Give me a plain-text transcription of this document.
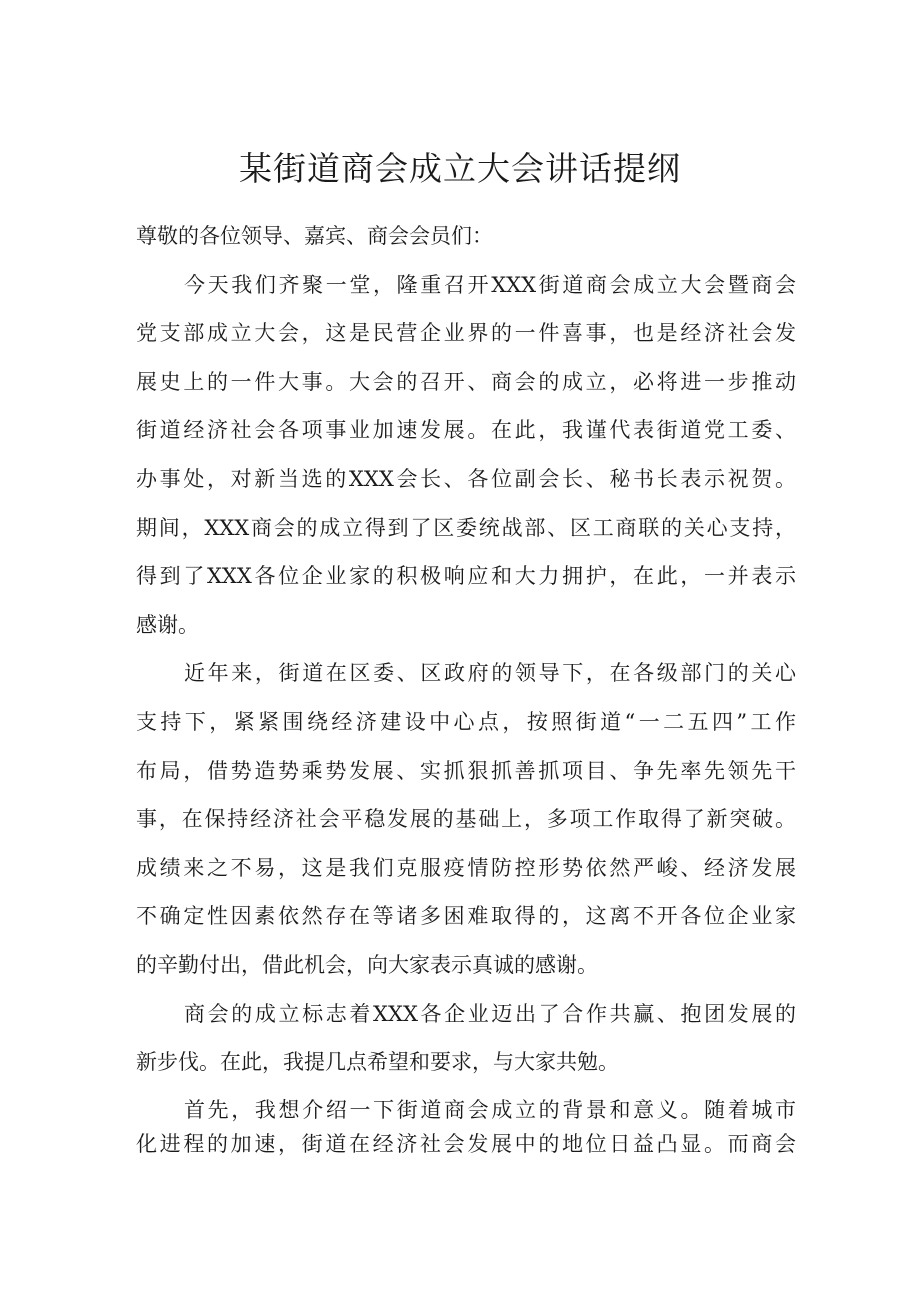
某街道商会成立大会讲话提纲
尊敬的各位领导、嘉宾、商会会员们：
今天我们齐聚一堂，隆重召开XXX街道商会成立大会暨商会
党支部成立大会，这是民营企业界的一件喜事，也是经济社会发
展史上的一件大事。大会的召开、商会的成立，必将进一步推动
街道经济社会各项事业加速发展。在此，我谨代表街道党工委、
办事处，对新当选的XXX会长、各位副会长、秘书长表示祝贺。
期间，XXX商会的成立得到了区委统战部、区工商联的关心支持，
得到了XXX各位企业家的积极响应和大力拥护，在此，一并表示
感谢。
近年来，街道在区委、区政府的领导下，在各级部门的关心
支持下，紧紧围绕经济建设中心点，按照街道“一二五四”工作
布局，借势造势乘势发展、实抓狠抓善抓项目、争先率先领先干
事，在保持经济社会平稳发展的基础上，多项工作取得了新突破。
成绩来之不易，这是我们克服疫情防控形势依然严峻、经济发展
不确定性因素依然存在等诸多困难取得的，这离不开各位企业家
的辛勤付出，借此机会，向大家表示真诚的感谢。
商会的成立标志着XXX各企业迈出了合作共赢、抱团发展的
新步伐。在此，我提几点希望和要求，与大家共勉。
首先，我想介绍一下街道商会成立的背景和意义。随着城市
化进程的加速，街道在经济社会发展中的地位日益凸显。而商会
